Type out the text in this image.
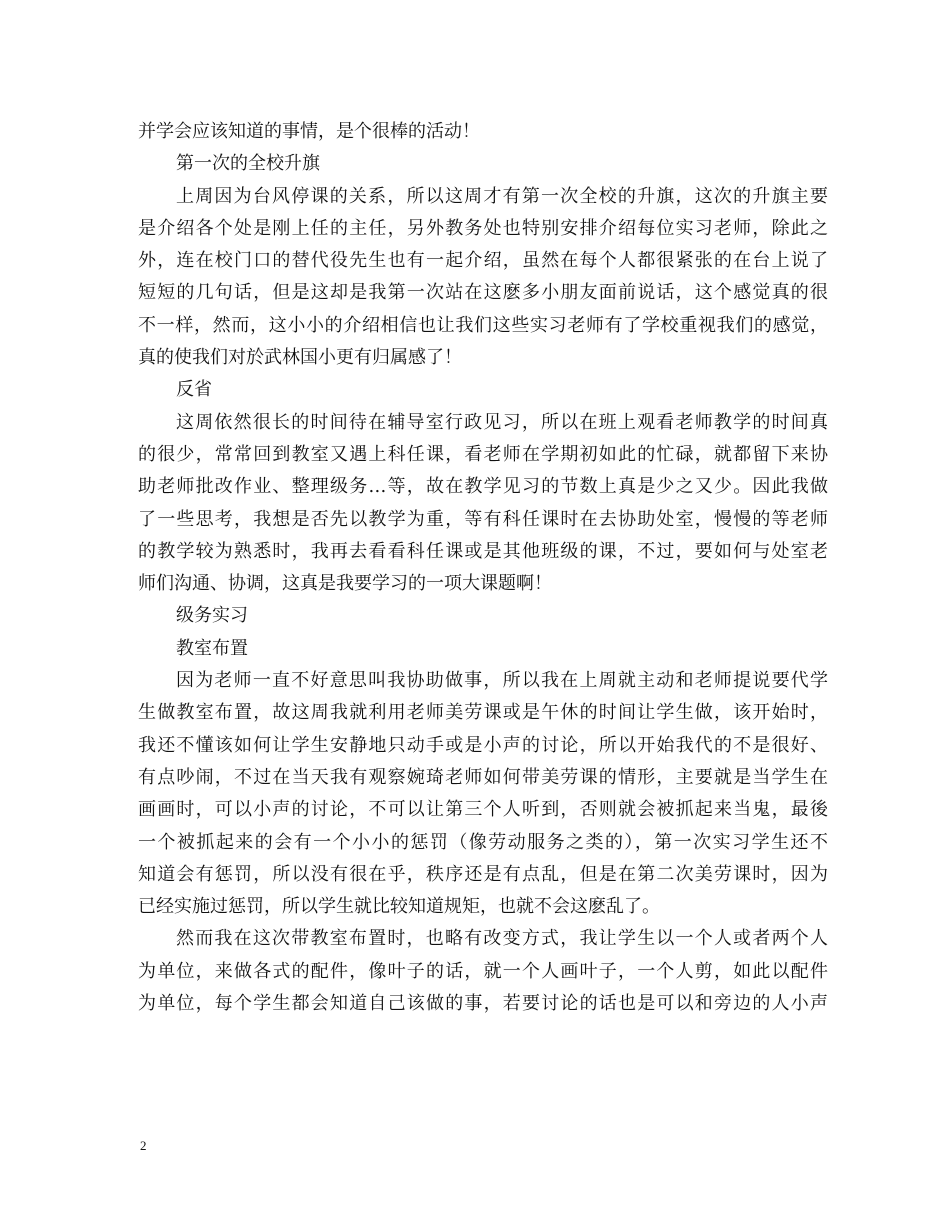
并学会应该知道的事情，是个很棒的活动！
第一次的全校升旗
上周因为台风停课的关系，所以这周才有第一次全校的升旗，这次的升旗主要
是介绍各个处是刚上任的主任，另外教务处也特别安排介绍每位实习老师，除此之
外，连在校门口的替代役先生也有一起介绍，虽然在每个人都很紧张的在台上说了
短短的几句话，但是这却是我第一次站在这麽多小朋友面前说话，这个感觉真的很
不一样，然而，这小小的介绍相信也让我们这些实习老师有了学校重视我们的感觉，
真的使我们对於武林国小更有归属感了！
反省
这周依然很长的时间待在辅导室行政见习，所以在班上观看老师教学的时间真
的很少，常常回到教室又遇上科任课，看老师在学期初如此的忙碌，就都留下来协
助老师批改作业、整理级务…等，故在教学见习的节数上真是少之又少。因此我做
了一些思考，我想是否先以教学为重，等有科任课时在去协助处室，慢慢的等老师
的教学较为熟悉时，我再去看看科任课或是其他班级的课，不过，要如何与处室老
师们沟通、协调，这真是我要学习的一项大课题啊！
级务实习
教室布置
因为老师一直不好意思叫我协助做事，所以我在上周就主动和老师提说要代学
生做教室布置，故这周我就利用老师美劳课或是午休的时间让学生做，该开始时，
我还不懂该如何让学生安静地只动手或是小声的讨论，所以开始我代的不是很好、
有点吵闹，不过在当天我有观察婉琦老师如何带美劳课的情形，主要就是当学生在
画画时，可以小声的讨论，不可以让第三个人听到，否则就会被抓起来当鬼，最後
一个被抓起来的会有一个小小的惩罚（像劳动服务之类的），第一次实习学生还不
知道会有惩罚，所以没有很在乎，秩序还是有点乱，但是在第二次美劳课时，因为
已经实施过惩罚，所以学生就比较知道规矩，也就不会这麽乱了。
然而我在这次带教室布置时，也略有改变方式，我让学生以一个人或者两个人
为单位，来做各式的配件，像叶子的话，就一个人画叶子，一个人剪，如此以配件
为单位，每个学生都会知道自己该做的事，若要讨论的话也是可以和旁边的人小声
2
